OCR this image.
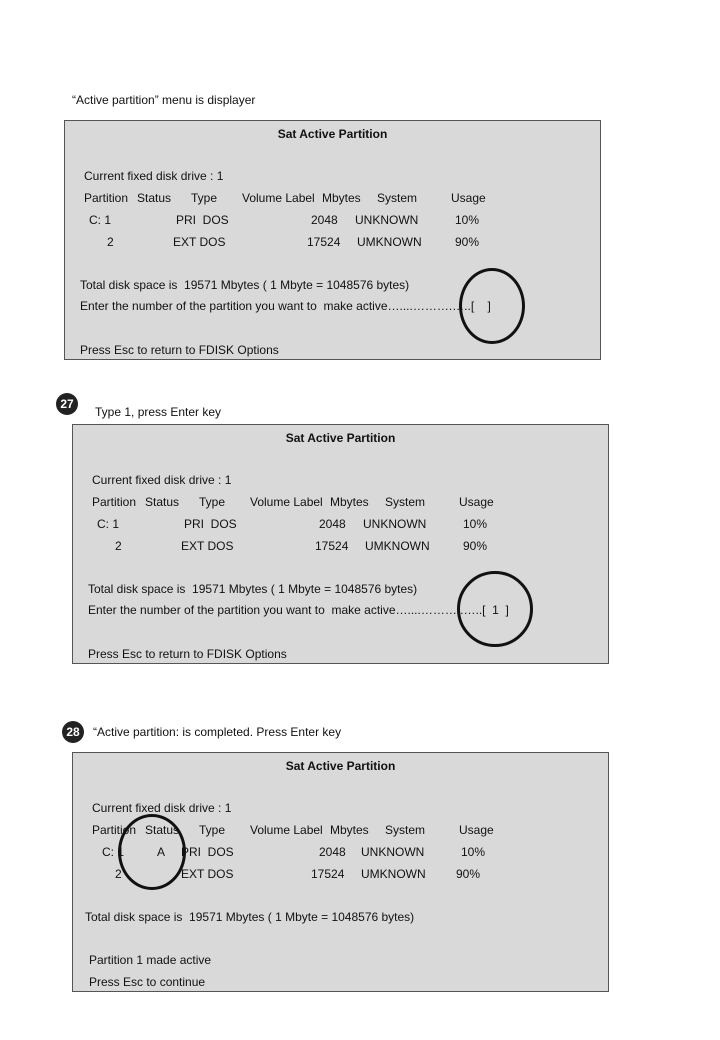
“Active partition” menu is displayer
Sat Active Partition
Current fixed disk drive : 1
Partition Status Type Volume Label Mbytes System	Usage
C: 1	PRI  DOS	2048 UNKNOWN	10%
2	EXT DOS	17524 UMKNOWN	90%
Total disk space is  19571 Mbytes ( 1 Mbyte = 1048576 bytes)
Enter the number of the partition you want to  make active…....……….…..[    ]
Press Esc to return to FDISK Options
27
Type 1, press Enter key
Sat Active Partition
Current fixed disk drive : 1
Partition Status Type Volume Label Mbytes System	Usage
C: 1	PRI  DOS	2048 UNKNOWN	10%
2	EXT DOS	17524 UMKNOWN	90%
Total disk space is  19571 Mbytes ( 1 Mbyte = 1048576 bytes)
Enter the number of the partition you want to  make active…....………..…..[  1  ]
Press Esc to return to FDISK Options
28	“Active partition: is completed. Press Enter key
Sat Active Partition
Current fixed disk drive : 1
Partition Status Type Volume Label Mbytes System	Usage
C: 1	A PRI  DOS	2048 UNKNOWN	10%
2	EXT DOS	17524 UMKNOWN	90%
Total disk space is  19571 Mbytes ( 1 Mbyte = 1048576 bytes)
Partition 1 made active
Press Esc to continue
